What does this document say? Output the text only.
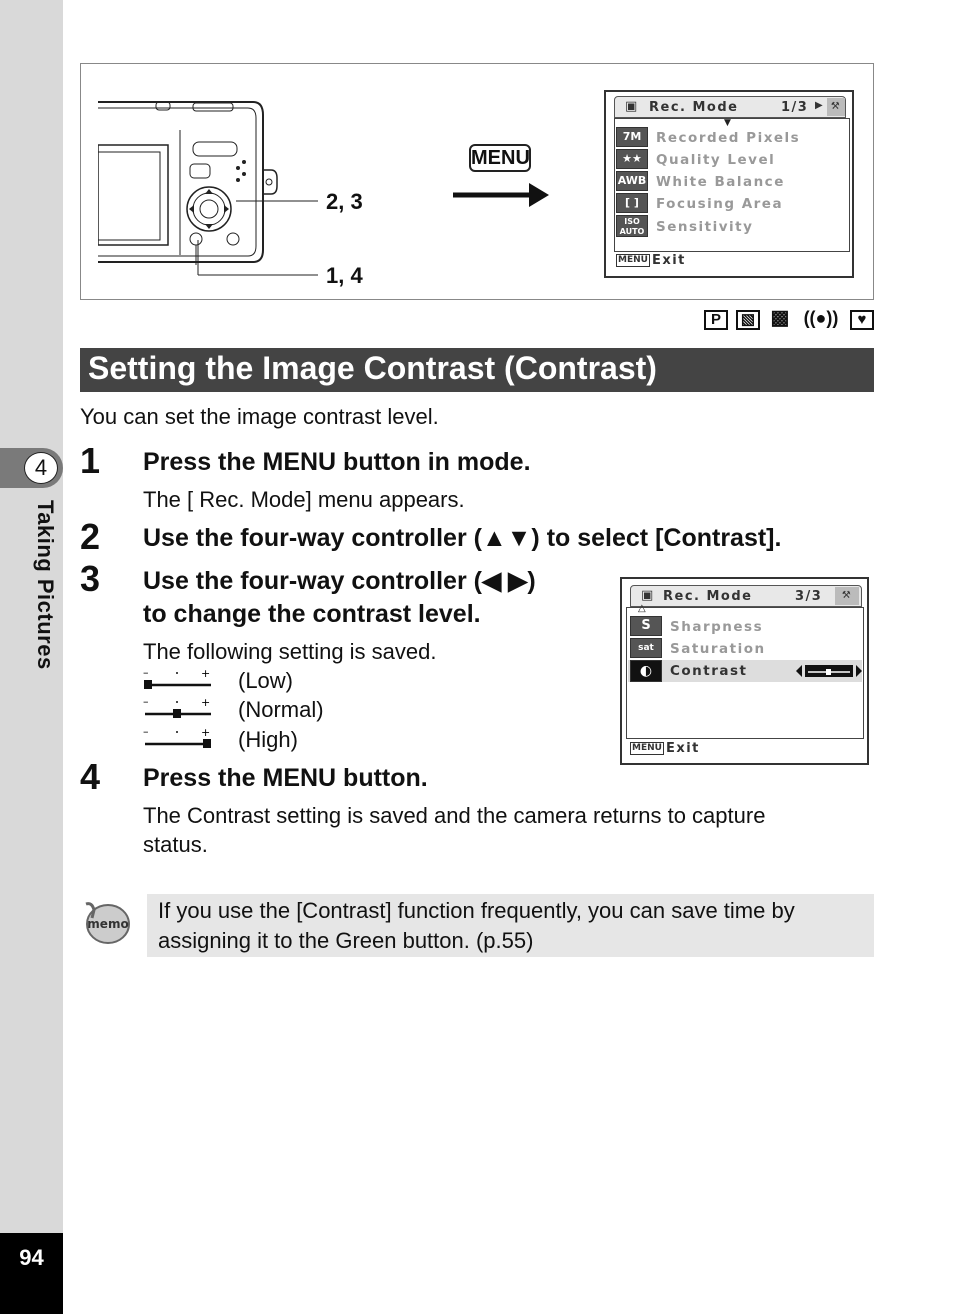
4
Taking Pictures
94
2, 3
1, 4
MENU
▣ Rec. Mode	1/3 ▶ ⚒
▼
7M	Recorded Pixels
★★	Quality Level
AWB White Balance
[ ]	Focusing Area
ISO AUTO Sensitivity
MENU Exit
P ▧ ▩ ((●)) ♥
Setting the Image Contrast (Contrast)
You can set the image contrast level.
1 Press the MENU button in mode.
The [ Rec. Mode] menu appears.
2 Use the four-way controller (▲▼) to select [Contrast].
3 Use the four-way controller (◀ ▶)
to change the contrast level.
The following setting is saved.
–	+ (Low)
–	+ (Normal)
–	+ (High)
▣ Rec. Mode	3/3	⚒
△
S	Sharpness
sat	Saturation
◐	Contrast
MENU Exit
4 Press the MENU button.
The Contrast setting is saved and the camera returns to capture
status.
memo
If you use the [Contrast] function frequently, you can save time by assigning it to the Green button. (p.55)
